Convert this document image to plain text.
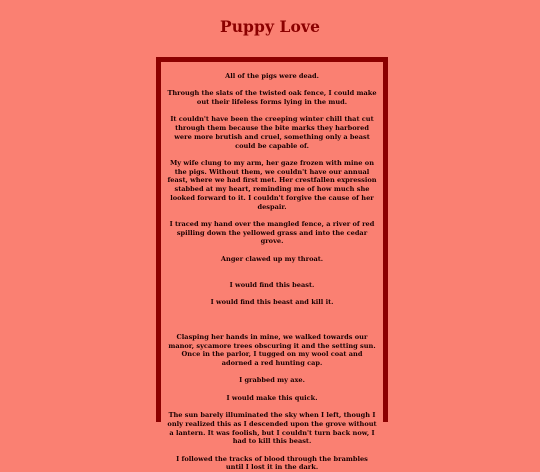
Puppy Love

All of the pigs were dead.

Through the slats of the twisted oak fence, I could make out their lifeless forms lying in the mud.

It couldn't have been the creeping winter chill that cut through them because the bite marks they harbored were more brutish and cruel, something only a beast could be capable of.

My wife clung to my arm, her gaze frozen with mine on the pigs. Without them, we couldn't have our annual feast, where we had first met. Her crestfallen expression stabbed at my heart, reminding me of how much she looked forward to it. I couldn't forgive the cause of her despair.

I traced my hand over the mangled fence, a river of red spilling down the yellowed grass and into the cedar grove.

Anger clawed up my throat.

I would find this beast.

I would find this beast and kill it.

Clasping her hands in mine, we walked towards our manor, sycamore trees obscuring it and the setting sun. Once in the parlor, I tugged on my wool coat and adorned a red hunting cap.

I grabbed my axe.

I would make this quick.

The sun barely illuminated the sky when I left, though I only realized this as I descended upon the grove without a lantern. It was foolish, but I couldn't turn back now, I had to kill this beast.

I followed the tracks of blood through the brambles until I lost it in the dark.
